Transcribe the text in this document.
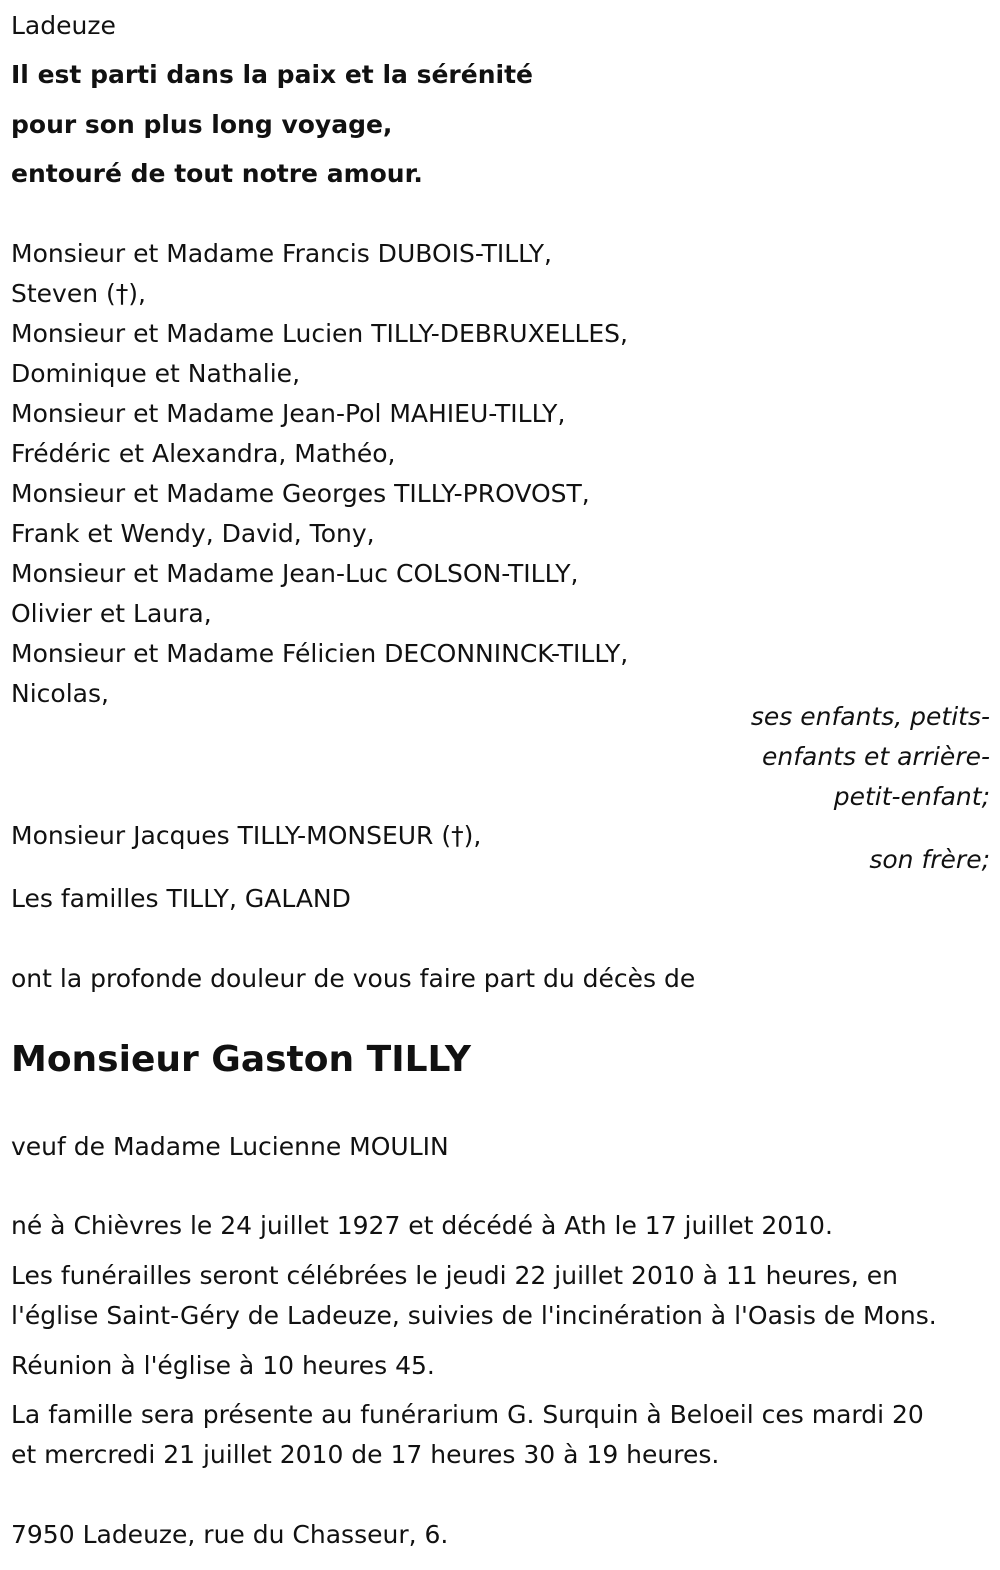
Ladeuze
Il est parti dans la paix et la sérénité
pour son plus long voyage,
entouré de tout notre amour.
Monsieur et Madame Francis DUBOIS-TILLY,
Steven (†),
Monsieur et Madame Lucien TILLY-DEBRUXELLES,
Dominique et Nathalie,
Monsieur et Madame Jean-Pol MAHIEU-TILLY,
Frédéric et Alexandra, Mathéo,
Monsieur et Madame Georges TILLY-PROVOST,
Frank et Wendy, David, Tony,
Monsieur et Madame Jean-Luc COLSON-TILLY,
Olivier et Laura,
Monsieur et Madame Félicien DECONNINCK-TILLY,
Nicolas,
ses enfants, petits-
enfants et arrière-
petit-enfant;
Monsieur Jacques TILLY-MONSEUR (†),
son frère;
Les familles TILLY, GALAND
ont la profonde douleur de vous faire part du décès de
Monsieur Gaston TILLY
veuf de Madame Lucienne MOULIN
né à Chièvres le 24 juillet 1927 et décédé à Ath le 17 juillet 2010.
Les funérailles seront célébrées le jeudi 22 juillet 2010 à 11 heures, en
l'église Saint-Géry de Ladeuze, suivies de l'incinération à l'Oasis de Mons.
Réunion à l'église à 10 heures 45.
La famille sera présente au funérarium G. Surquin à Beloeil ces mardi 20
et mercredi 21 juillet 2010 de 17 heures 30 à 19 heures.
7950 Ladeuze, rue du Chasseur, 6.
